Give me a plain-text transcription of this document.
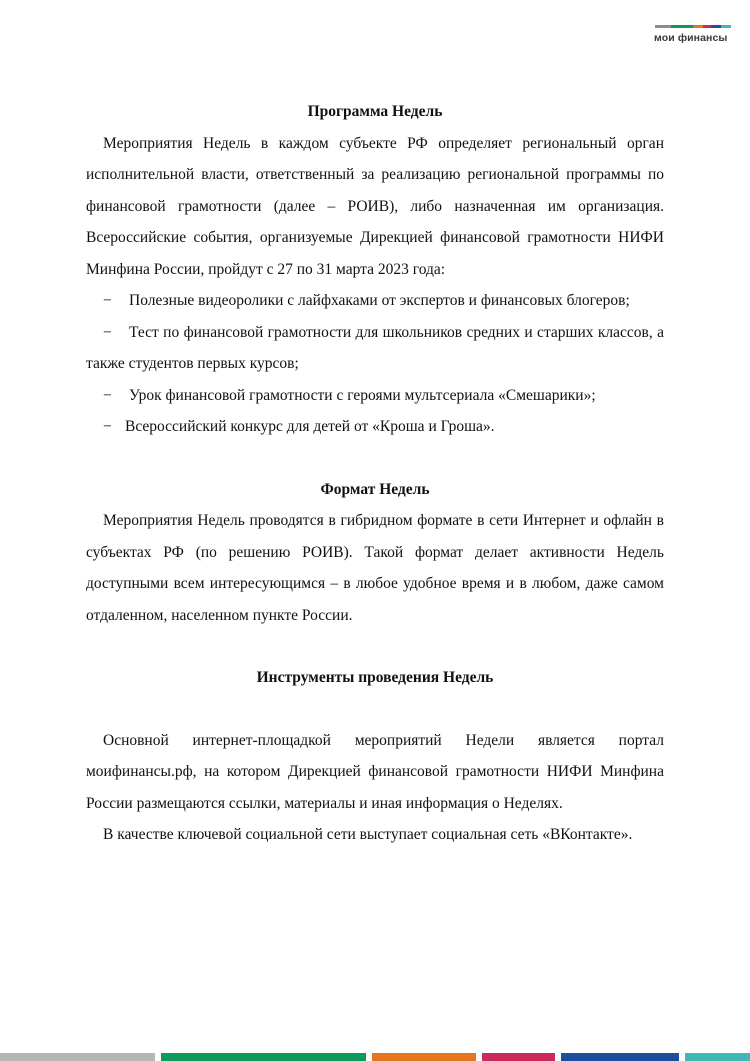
мои финансы
Программа Недель

Мероприятия Недель в каждом субъекте РФ определяет региональный орган исполнительной власти, ответственный за реализацию региональной программы по финансовой грамотности (далее – РОИВ), либо назначенная им организация. Всероссийские события, организуемые Дирекцией финансовой грамотности НИФИ Минфина России, пройдут с 27 по 31 марта 2023 года:

− Полезные видеоролики с лайфхаками от экспертов и финансовых блогеров;

− Тест по финансовой грамотности для школьников средних и старших классов, а также студентов первых курсов;

− Урок финансовой грамотности с героями мультсериала «Смешарики»;

− Всероссийский конкурс для детей от «Кроша и Гроша».

Формат Недель

Мероприятия Недель проводятся в гибридном формате в сети Интернет и офлайн в субъектах РФ (по решению РОИВ). Такой формат делает активности Недель доступными всем интересующимся – в любое удобное время и в любом, даже самом отдаленном, населенном пункте России.

Инструменты проведения Недель

Основной интернет-площадкой мероприятий Недели является портал моифинансы.рф, на котором Дирекцией финансовой грамотности НИФИ Минфина России размещаются ссылки, материалы и иная информация о Неделях.

В качестве ключевой социальной сети выступает социальная сеть «ВКонтакте».
